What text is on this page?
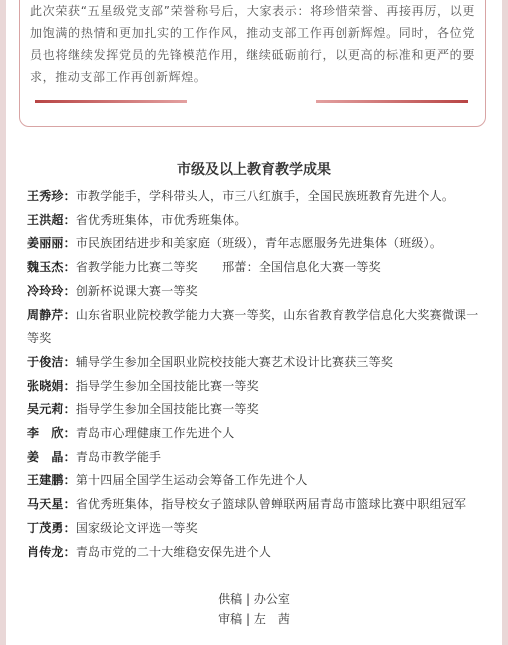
此次荣获“五星级党支部”荣誉称号后，大家表示：将珍惜荣誉、再接再厉，以更加饱满的热情和更加扎实的工作作风，推动支部工作再创新辉煌。同时，各位党员也将继续发挥党员的先锋模范作用，继续砥砺前行，以更高的标准和更严的要求，推动支部工作再创新辉煌。
市级及以上教育教学成果
王秀珍：市教学能手，学科带头人，市三八红旗手，全国民族班教育先进个人。
王洪超：省优秀班集体，市优秀班集体。
姜丽丽：市民族团结进步和美家庭（班级），青年志愿服务先进集体（班级）。
魏玉杰：省教学能力比赛二等奖　　邢蕾：全国信息化大赛一等奖
冷玲玲：创新杯说课大赛一等奖
周静芹：山东省职业院校教学能力大赛一等奖，山东省教育教学信息化大奖赛微课一等奖
于俊洁：辅导学生参加全国职业院校技能大赛艺术设计比赛获三等奖
张晓娟：指导学生参加全国技能比赛一等奖
吴元莉：指导学生参加全国技能比赛一等奖
李　欣：青岛市心理健康工作先进个人
姜　晶：青岛市教学能手
王建鹏：第十四届全国学生运动会筹备工作先进个人
马天星：省优秀班集体，指导校女子篮球队曾蝉联两届青岛市篮球比赛中职组冠军
丁茂勇：国家级论文评选一等奖
肖传龙：青岛市党的二十大维稳安保先进个人
供稿 | 办公室
审稿 | 左　茜
